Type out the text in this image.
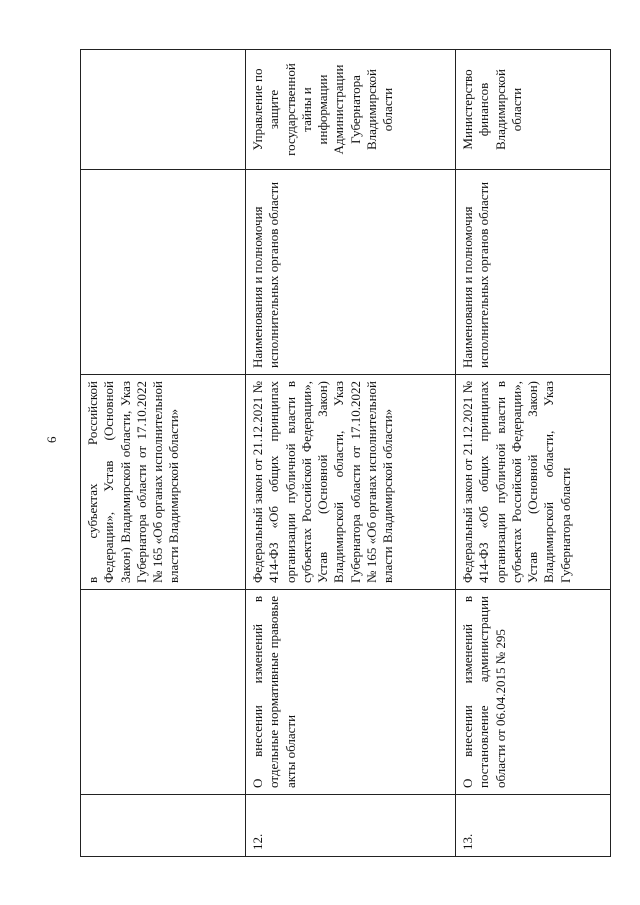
6
		в субъектах Российской Федерации», Устав (Основной Закон) Владимирской области, Указ Губернатора области от 17.10.2022 № 165 «Об органах исполнительной власти Владимирской области»		
12.	О внесении изменений в отдельные нормативные правовые акты области	Федеральный закон от 21.12.2021 № 414-ФЗ «Об общих принципах организации публичной власти в субъектах Российской Федерации», Устав (Основной Закон) Владимирской области, Указ Губернатора области от 17.10.2022 № 165 «Об органах исполнительной власти Владимирской области»	Наименования и полномочия исполнительных органов области	Управление по защите государственной тайны и информации Администрации Губернатора Владимирской области
13.	О внесении изменений в постановление администрации области от 06.04.2015 № 295	Федеральный закон от 21.12.2021 № 414-ФЗ «Об общих принципах организации публичной власти в субъектах Российской Федерации», Устав (Основной Закон) Владимирской области, Указ Губернатора области	Наименования и полномочия исполнительных органов области	Министерство финансов Владимирской области
